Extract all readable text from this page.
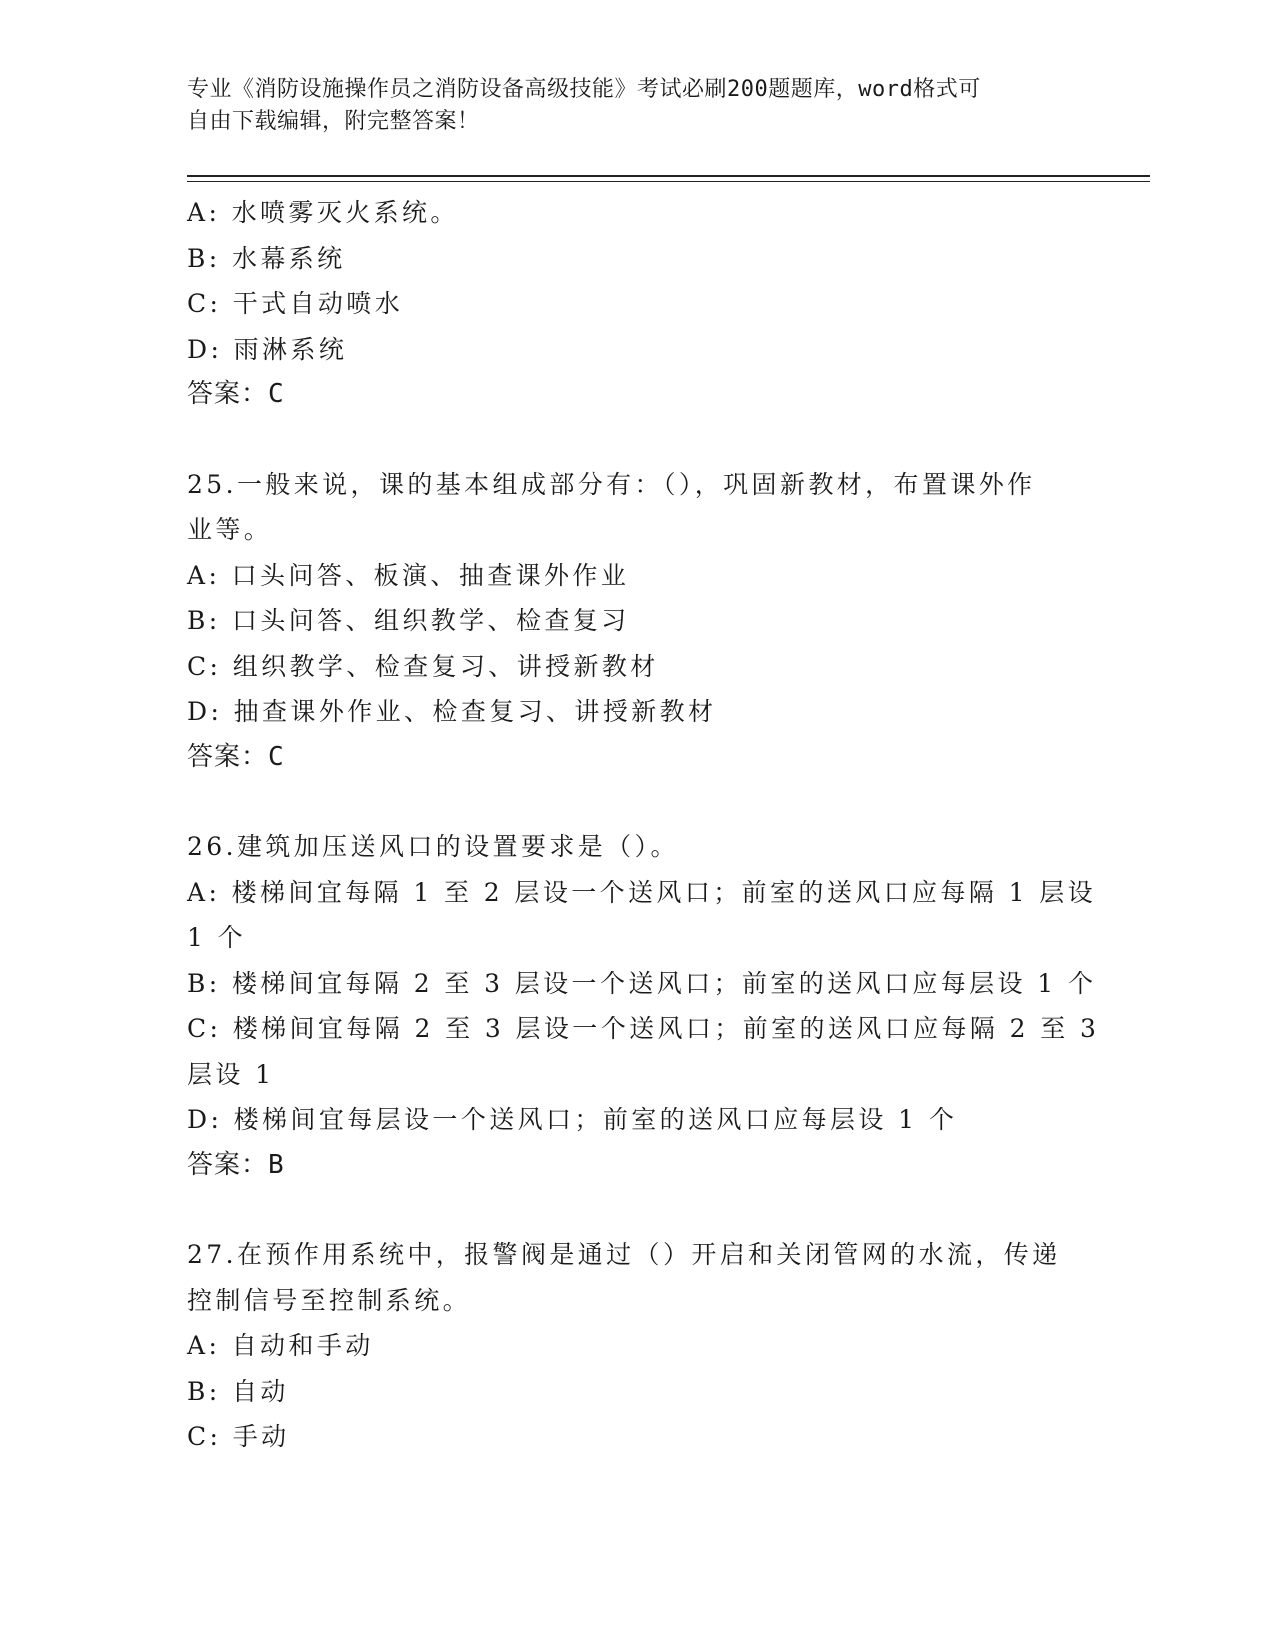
专业《消防设施操作员之消防设备高级技能》考试必刷200题题库，word格式可
自由下载编辑，附完整答案！
A: 水喷雾灭火系统。
B: 水幕系统
C: 干式自动喷水
D: 雨淋系统
答案：C
25.一般来说，课的基本组成部分有：（），巩固新教材，布置课外作
业等。
A: 口头问答、板演、抽查课外作业
B: 口头问答、组织教学、检查复习
C: 组织教学、检查复习、讲授新教材
D: 抽查课外作业、检查复习、讲授新教材
答案：C
26.建筑加压送风口的设置要求是（）。
A: 楼梯间宜每隔 1 至 2 层设一个送风口；前室的送风口应每隔 1 层设
1 个
B: 楼梯间宜每隔 2 至 3 层设一个送风口；前室的送风口应每层设 1 个
C: 楼梯间宜每隔 2 至 3 层设一个送风口；前室的送风口应每隔 2 至 3
层设 1
D: 楼梯间宜每层设一个送风口；前室的送风口应每层设 1 个
答案：B
27.在预作用系统中，报警阀是通过（）开启和关闭管网的水流，传递
控制信号至控制系统。
A: 自动和手动
B: 自动
C: 手动
